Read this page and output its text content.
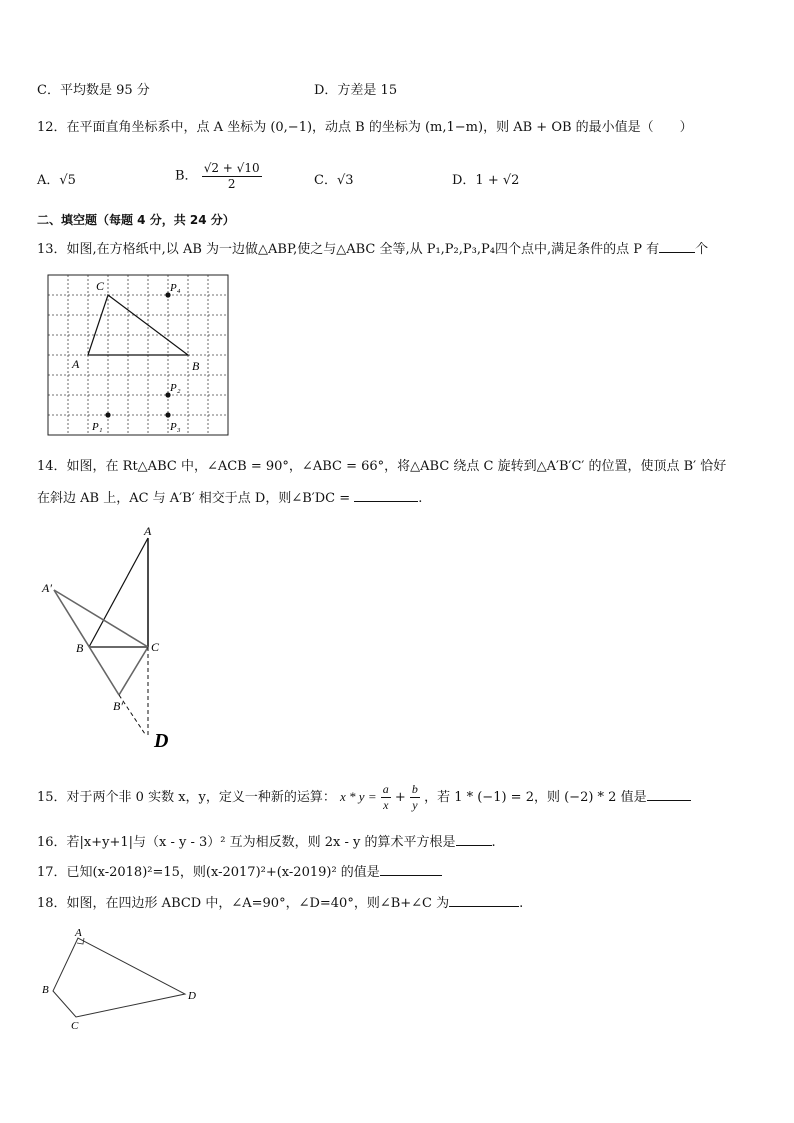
C．平均数是 95 分	D．方差是 15
12．在平面直角坐标系中，点 A 坐标为 (0,−1)，动点 B 的坐标为 (m,1−m)，则 AB + OB 的最小值是（　　）
A．√5	B． $\frac{√2 + √10}{2}$	C．√3	D．1 + √2
二、填空题（每题 4 分，共 24 分）
13．如图,在方格纸中,以 AB 为一边做△ABP,使之与△ABC 全等,从 P₁,P₂,P₃,P₄四个点中,满足条件的点 P 有	个
C
A	B
P₄
P₂
P₃
P₁
14．如图，在 Rt△ABC 中，∠ACB = 90°，∠ABC = 66°，将△ABC 绕点 C 旋转到△A′B′C′ 的位置，使顶点 B′ 恰好
在斜边 AB 上，AC 与 A′B′ 相交于点 D，则∠B′DC =	.
A
A′
B	C
B′
D
15．对于两个非 0 实数 x，y，定义一种新的运算： $x * y = \frac{a}{x} + \frac{b}{y}$ ，若 1 * (−1) = 2，则 (−2) * 2 值是
16．若|x+y+1|与（x - y - 3）² 互为相反数，则 2x - y 的算术平方根是	.
17．已知(x-2018)²=15，则(x-2017)²+(x-2019)² 的值是
18．如图，在四边形 ABCD 中，∠A=90°，∠D=40°，则∠B+∠C 为	.
A
B
C
D
